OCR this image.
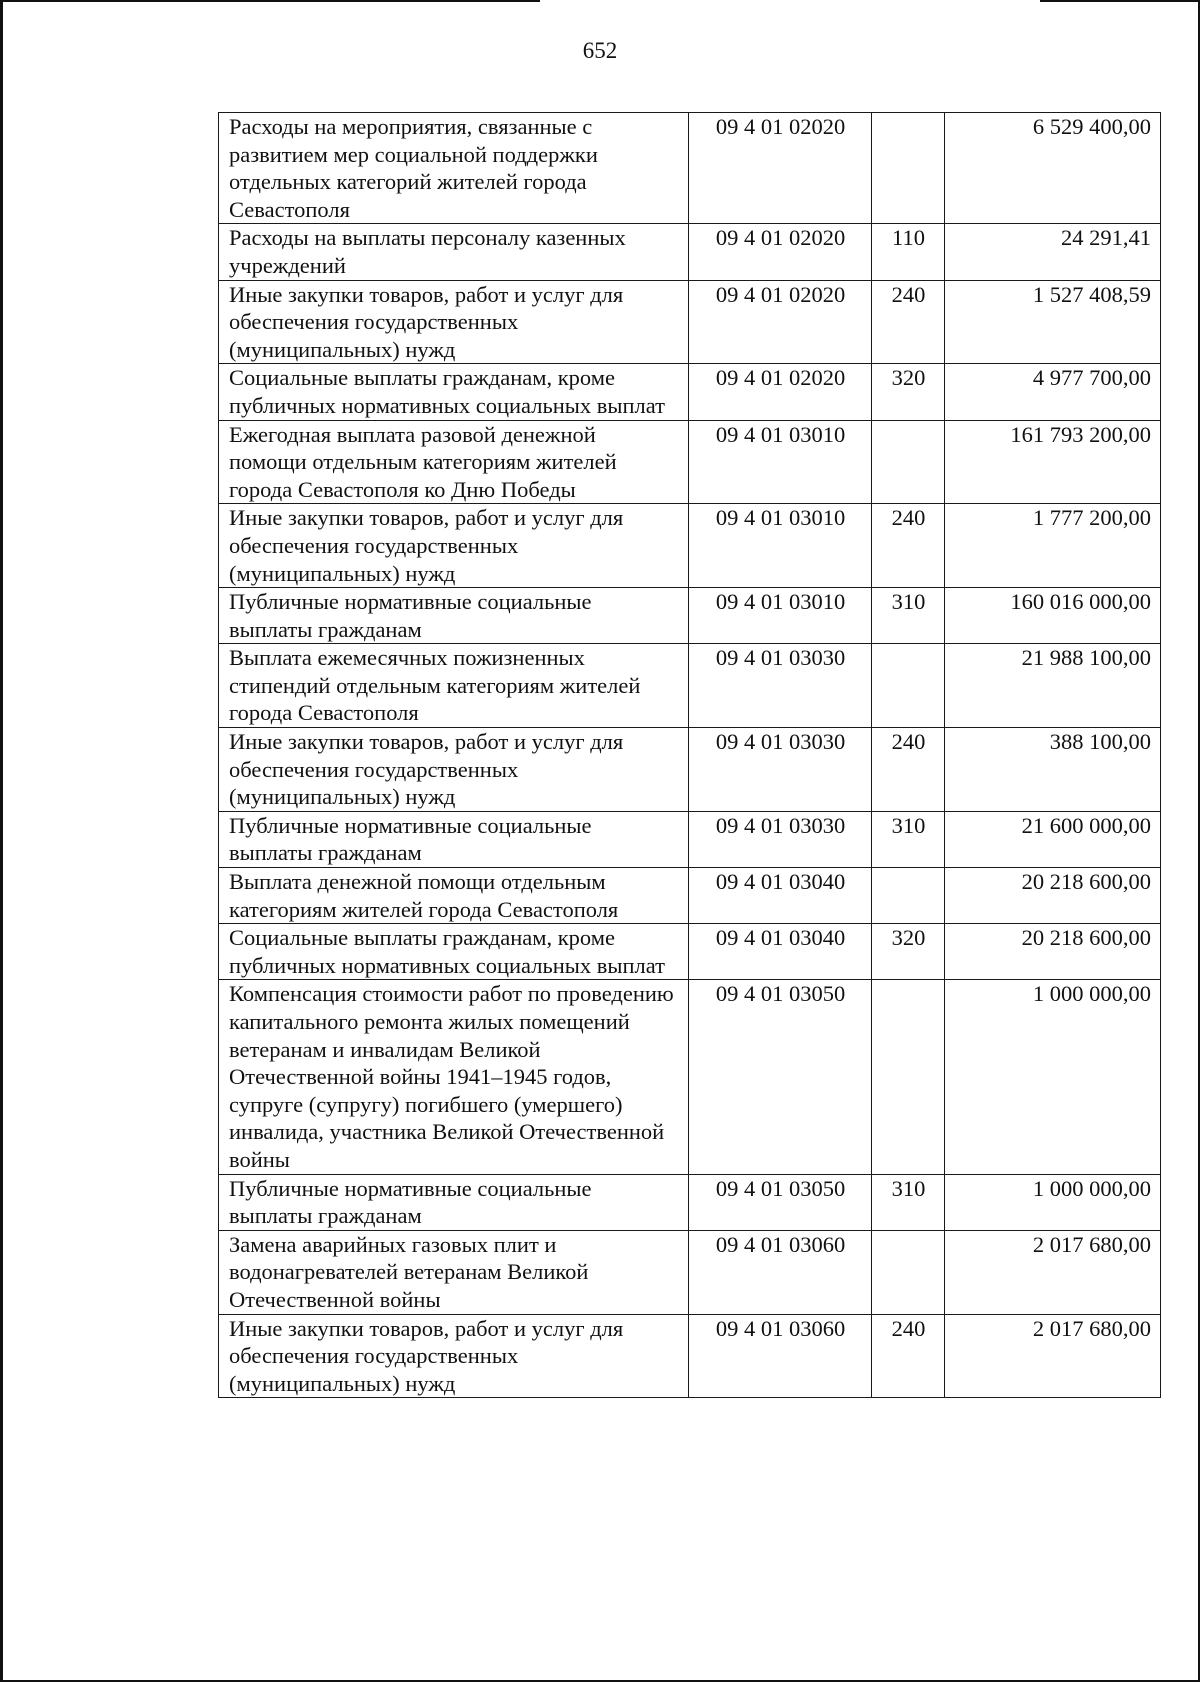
652
Расходы на мероприятия, связанные с развитием мер социальной поддержки отдельных категорий жителей города Севастополя	09 4 01 02020		6 529 400,00
Расходы на выплаты персоналу казенных учреждений	09 4 01 02020	110	24 291,41
Иные закупки товаров, работ и услуг для обеспечения государственных (муниципальных) нужд	09 4 01 02020	240	1 527 408,59
Социальные выплаты гражданам, кроме публичных нормативных социальных выплат	09 4 01 02020	320	4 977 700,00
Ежегодная выплата разовой денежной помощи отдельным категориям жителей города Севастополя ко Дню Победы	09 4 01 03010		161 793 200,00
Иные закупки товаров, работ и услуг для обеспечения государственных (муниципальных) нужд	09 4 01 03010	240	1 777 200,00
Публичные нормативные социальные выплаты гражданам	09 4 01 03010	310	160 016 000,00
Выплата ежемесячных пожизненных стипендий отдельным категориям жителей города Севастополя	09 4 01 03030		21 988 100,00
Иные закупки товаров, работ и услуг для обеспечения государственных (муниципальных) нужд	09 4 01 03030	240	388 100,00
Публичные нормативные социальные выплаты гражданам	09 4 01 03030	310	21 600 000,00
Выплата денежной помощи отдельным категориям жителей города Севастополя	09 4 01 03040		20 218 600,00
Социальные выплаты гражданам, кроме публичных нормативных социальных выплат	09 4 01 03040	320	20 218 600,00
Компенсация стоимости работ по проведению капитального ремонта жилых помещений ветеранам и инвалидам Великой Отечественной войны 1941–1945 годов, супруге (супругу) погибшего (умершего) инвалида, участника Великой Отечественной войны	09 4 01 03050		1 000 000,00
Публичные нормативные социальные выплаты гражданам	09 4 01 03050	310	1 000 000,00
Замена аварийных газовых плит и водонагревателей ветеранам Великой Отечественной войны	09 4 01 03060		2 017 680,00
Иные закупки товаров, работ и услуг для обеспечения государственных (муниципальных) нужд	09 4 01 03060	240	2 017 680,00
